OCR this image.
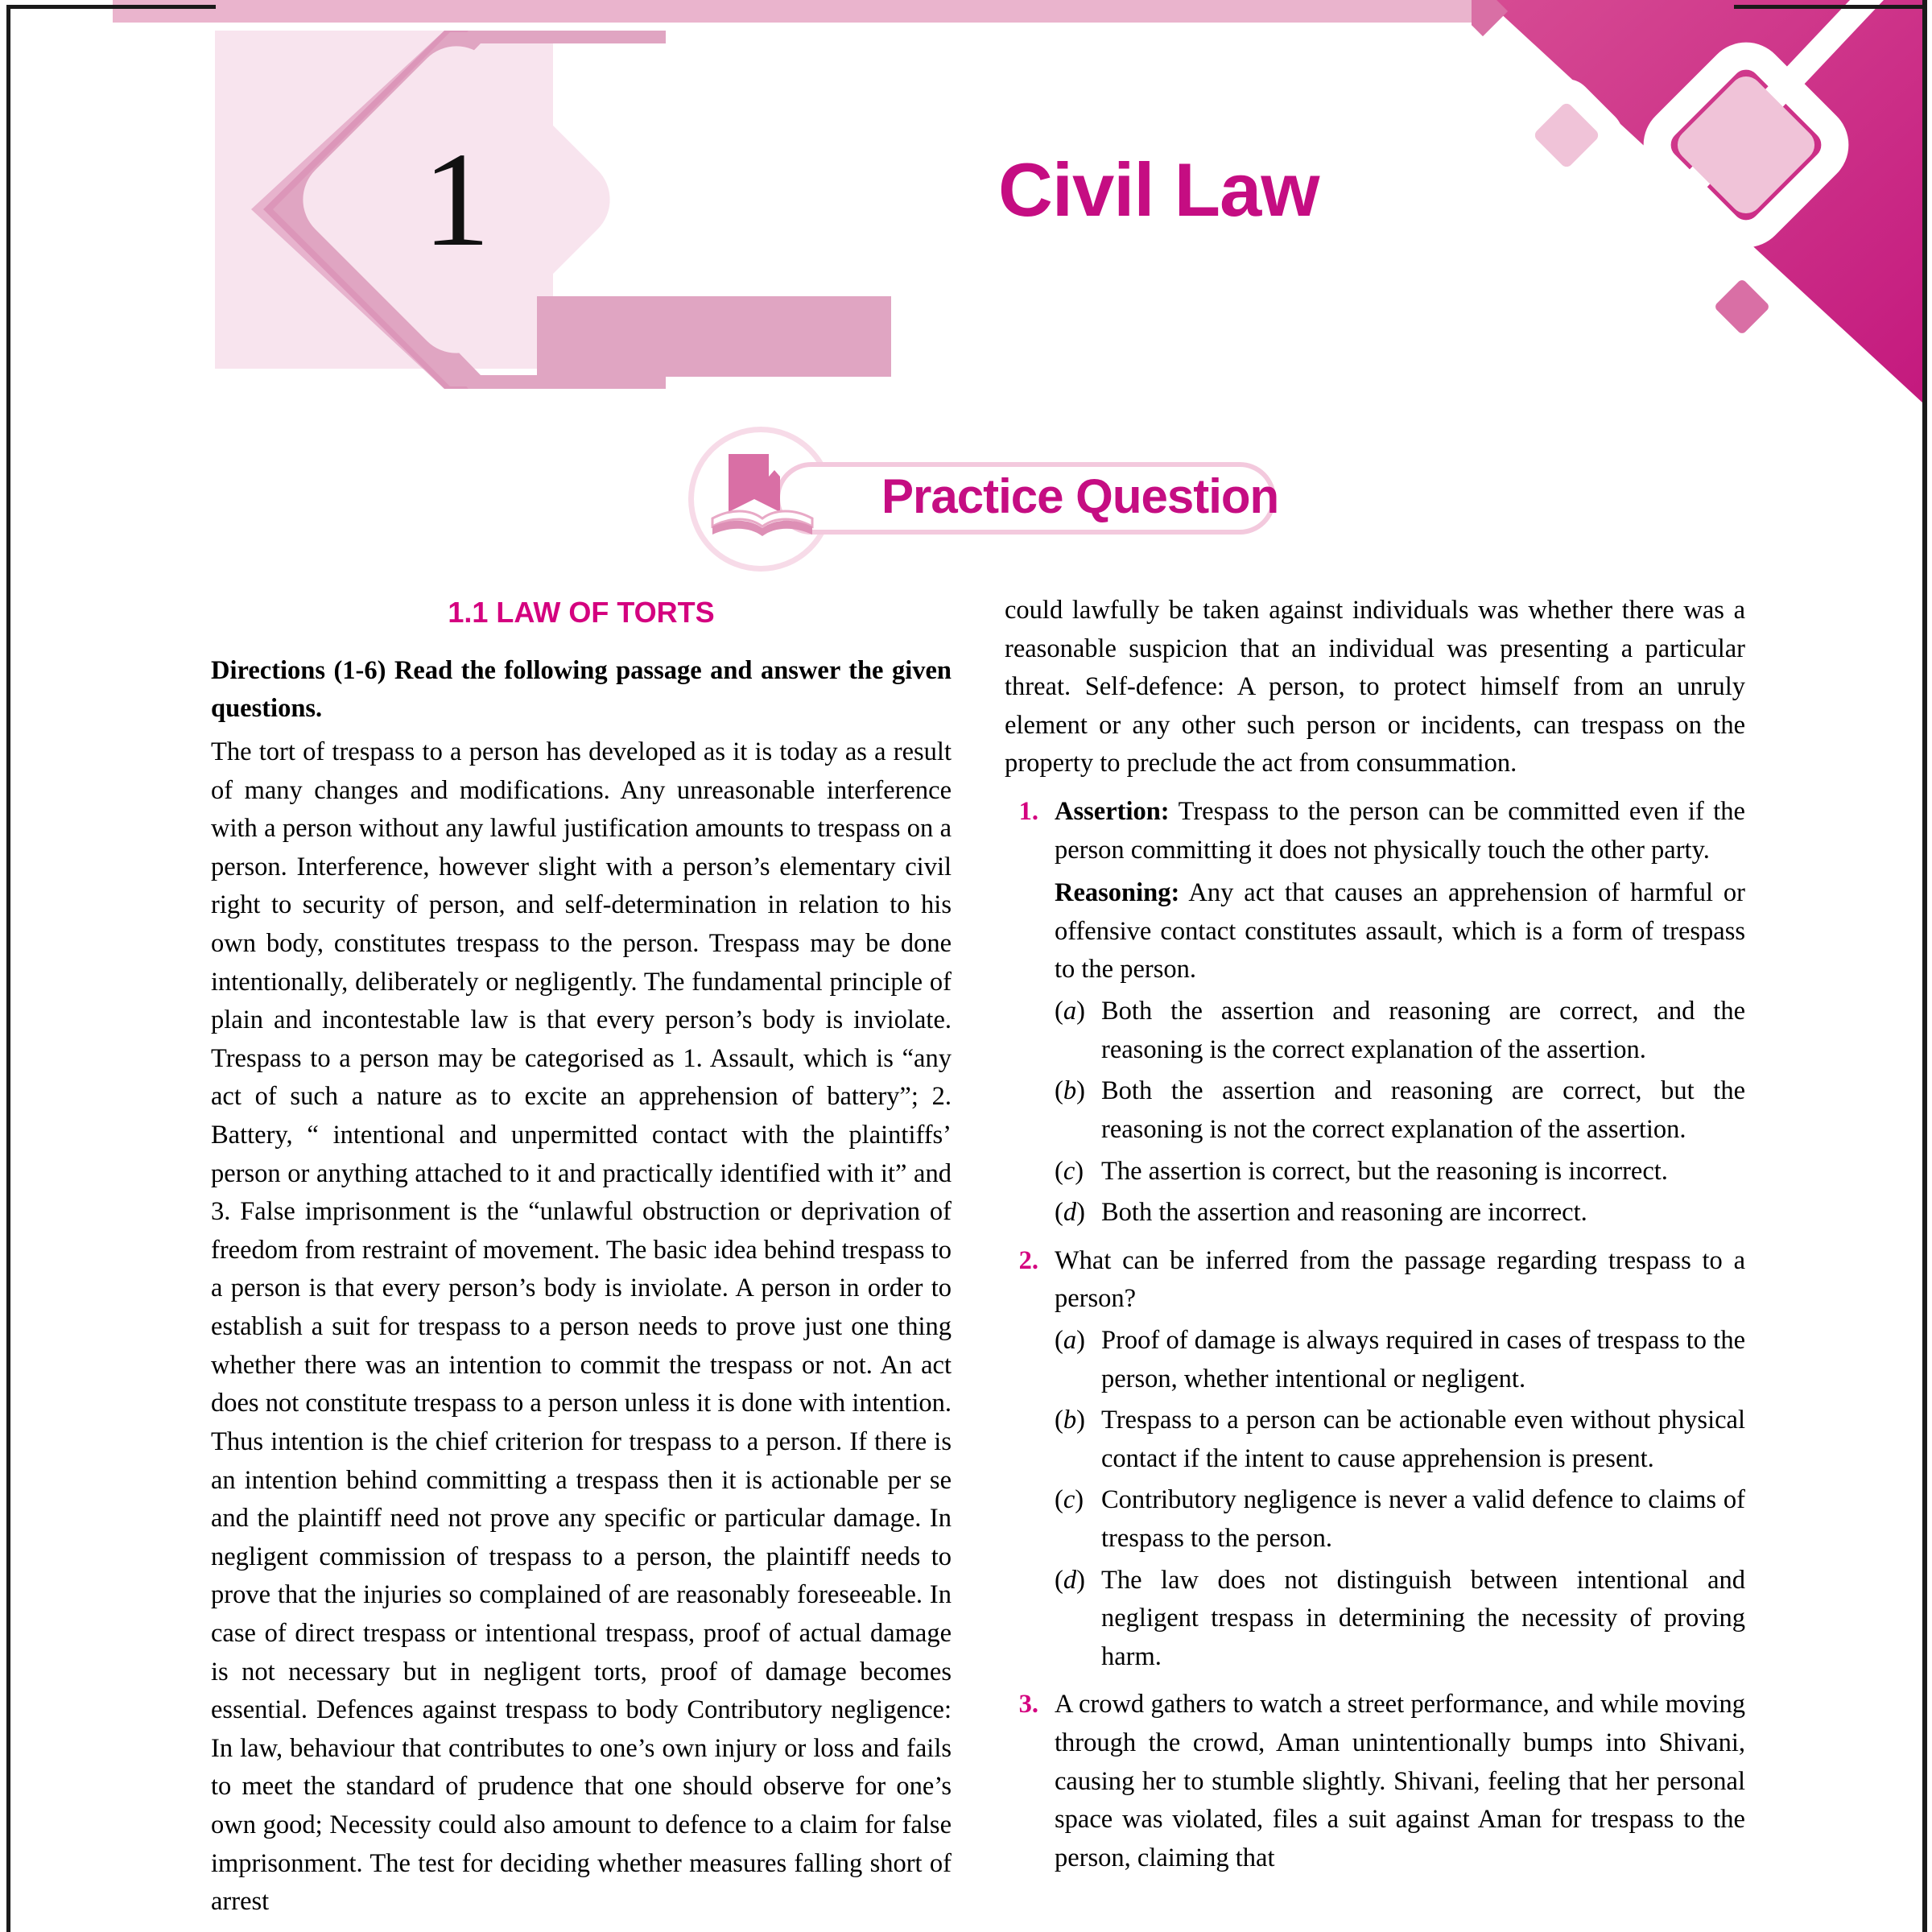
1	Civil Law
Practice Question
1.1 LAW OF TORTS

Directions (1-6) Read the following passage and answer the given questions.

The tort of trespass to a person has developed as it is today as a result of many changes and modifications. Any unreasonable interference with a person without any lawful justification amounts to trespass on a person. Interference, however slight with a person’s elementary civil right to security of person, and self-determination in relation to his own body, constitutes trespass to the person. Trespass may be done intentionally, deliberately or negligently. The fundamental principle of plain and incontestable law is that every person’s body is inviolate. Trespass to a person may be categorised as 1. Assault, which is “any act of such a nature as to excite an apprehension of battery”; 2. Battery, “ intentional and unpermitted contact with the plaintiffs’ person or anything attached to it and practically identified with it” and 3. False imprisonment is the “unlawful obstruction or deprivation of freedom from restraint of movement. The basic idea behind trespass to a person is that every person’s body is inviolate. A person in order to establish a suit for trespass to a person needs to prove just one thing whether there was an intention to commit the trespass or not. An act does not constitute trespass to a person unless it is done with intention. Thus intention is the chief criterion for trespass to a person. If there is an intention behind committing a trespass then it is actionable per se and the plaintiff need not prove any specific or particular damage. In negligent commission of trespass to a person, the plaintiff needs to prove that the injuries so complained of are reasonably foreseeable. In case of direct trespass or intentional trespass, proof of actual damage is not necessary but in negligent torts, proof of damage becomes essential. Defences against trespass to body Contributory negligence: In law, behaviour that contributes to one’s own injury or loss and fails to meet the standard of prudence that one should observe for one’s own good; Necessity could also amount to defence to a claim for false imprisonment. The test for deciding whether measures falling short of arrest

could lawfully be taken against individuals was whether there was a reasonable suspicion that an individual was presenting a particular threat. Self-defence: A person, to protect himself from an unruly element or any other such person or incidents, can trespass on the property to preclude the act from consummation.

1. Assertion: Trespass to the person can be committed even if the person committing it does not physically touch the other party.

Reasoning: Any act that causes an apprehension of harmful or offensive contact constitutes assault, which is a form of trespass to the person.

(a) Both the assertion and reasoning are correct, and the reasoning is the correct explanation of the assertion.
(b) Both the assertion and reasoning are correct, but the reasoning is not the correct explanation of the assertion.
(c) The assertion is correct, but the reasoning is incorrect.
(d) Both the assertion and reasoning are incorrect.
2. What can be inferred from the passage regarding trespass to a person?

(a) Proof of damage is always required in cases of trespass to the person, whether intentional or negligent.
(b) Trespass to a person can be actionable even without physical contact if the intent to cause apprehension is present.
(c) Contributory negligence is never a valid defence to claims of trespass to the person.
(d) The law does not distinguish between intentional and negligent trespass in determining the necessity of proving harm.
3. A crowd gathers to watch a street performance, and while moving through the crowd, Aman unintentionally bumps into Shivani, causing her to stumble slightly. Shivani, feeling that her personal space was violated, files a suit against Aman for trespass to the person, claiming that
